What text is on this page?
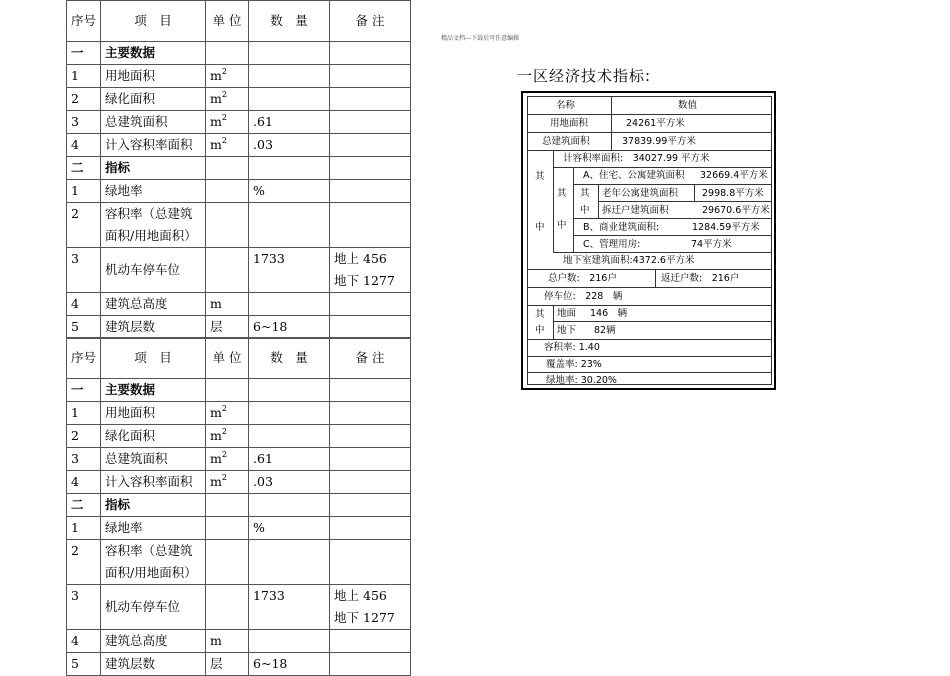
序号	项　目	单 位	数　量	备 注
一	主要数据			
1	用地面积	$m^2$		
2	绿化面积	$m^2$		
3	总建筑面积	$m^2$	.61	
4	计入容积率面积	$m^2$	.03	
二	指标			
1	绿地率		%	
2	容积率（总建筑面积/用地面积）			
3	机动车停车位		1733	地上 456
地下 1277

4	建筑总高度	m		
5	建筑层数	层	6~18	
序号	项　目	单 位	数　量	备 注
一	主要数据			
1	用地面积	$m^2$		
2	绿化面积	$m^2$		
3	总建筑面积	$m^2$	.61	
4	计入容积率面积	$m^2$	.03	
二	指标			
1	绿地率		%	
2	容积率（总建筑面积/用地面积）			
3	机动车停车位		1733	地上 456
地下 1277

4	建筑总高度	m		
5	建筑层数	层	6~18	
精品文档---下载后可任意编辑
一区经济技术指标:
名称	数值
用地面积	24261平方米
总建筑面积	37839.99平方米
其
中
计容积率面积:　34027.99 平方米
其
中
A、住宅、公寓建筑面积 32669.4平方米
其
中
老年公寓建筑面积	2998.8平方米
拆迁户建筑面积	29670.6平方米
B、商业建筑面积:	1284.59平方米
C、管理用房:	74平方米
地下室建筑面积:4372.6平方米
总户数:　216户	返迁户数:　216户
停车位:　228　辆
其
中
地面 146　辆
地下 82辆
容积率: 1.40
覆盖率: 23%
绿地率: 30.20%
